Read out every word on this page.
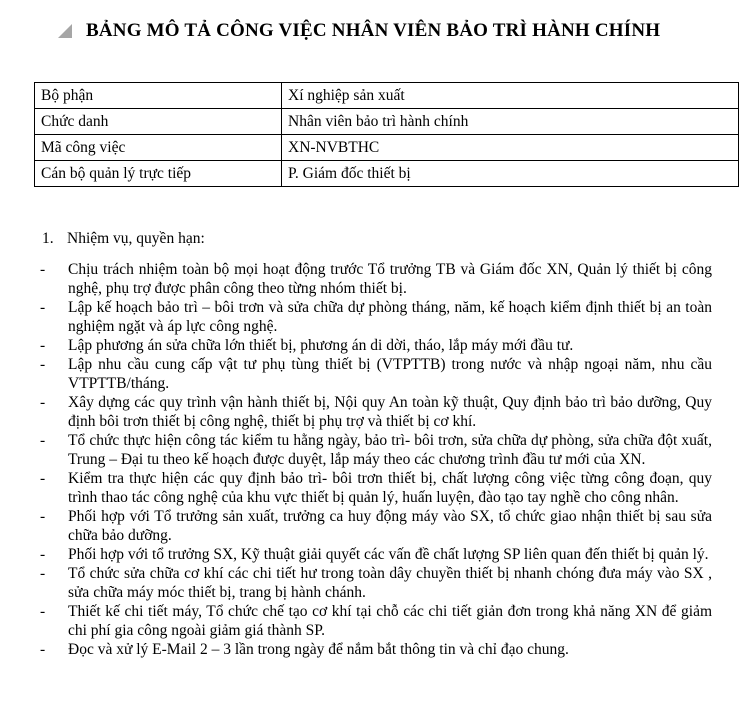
BẢNG MÔ TẢ CÔNG VIỆC NHÂN VIÊN BẢO TRÌ HÀNH CHÍNH
Bộ phận	Xí nghiệp sản xuất
Chức danh	Nhân viên bảo trì hành chính
Mã công việc	XN-NVBTHC
Cán bộ quản lý trực tiếp	P. Giám đốc thiết bị
1. Nhiệm vụ, quyền hạn:
- Chịu trách nhiệm toàn bộ mọi hoạt động trước Tổ trưởng TB và Giám đốc XN, Quản lý thiết bị công nghệ, phụ trợ được phân công theo từng nhóm thiết bị.
- Lập kế hoạch bảo trì – bôi trơn và sửa chữa dự phòng tháng, năm, kế hoạch kiểm định thiết bị an toàn nghiệm ngặt và áp lực công nghệ.
- Lập phương án sửa chữa lớn thiết bị, phương án di dời, tháo, lắp máy mới đầu tư.
- Lập nhu cầu cung cấp vật tư phụ tùng thiết bị (VTPTTB) trong nước và nhập ngoại năm, nhu cầu VTPTTB/tháng.
- Xây dựng các quy trình vận hành thiết bị, Nội quy An toàn kỹ thuật, Quy định bảo trì bảo dưỡng, Quy định bôi trơn thiết bị công nghệ, thiết bị phụ trợ và thiết bị cơ khí.
- Tổ chức thực hiện công tác kiểm tu hằng ngày, bảo trì- bôi trơn, sửa chữa dự phòng, sửa chữa đột xuất, Trung – Đại tu theo kế hoạch được duyệt, lắp máy theo các chương trình đầu tư mới của XN.
- Kiểm tra thực hiện các quy định bảo trì- bôi trơn thiết bị, chất lượng công việc từng công đoạn, quy trình thao tác công nghệ của khu vực thiết bị quản lý, huấn luyện, đào tạo tay nghề cho công nhân.
- Phối hợp với Tổ trưởng sản xuất, trưởng ca huy động máy vào SX, tổ chức giao nhận thiết bị sau sửa chữa bảo dưỡng.
- Phối hợp với tổ trưởng SX, Kỹ thuật giải quyết các vấn đề chất lượng SP liên quan đến thiết bị quản lý.
- Tổ chức sửa chữa cơ khí các chi tiết hư trong toàn dây chuyền thiết bị nhanh chóng đưa máy vào SX , sửa chữa máy móc thiết bị, trang bị hành chánh.
- Thiết kế chi tiết máy, Tổ chức chế tạo cơ khí tại chỗ các chi tiết giản đơn trong khả năng XN để giảm chi phí gia công ngoài giảm giá thành SP.
- Đọc và xử lý E-Mail 2 – 3 lần trong ngày để nắm bắt thông tin và chỉ đạo chung.
